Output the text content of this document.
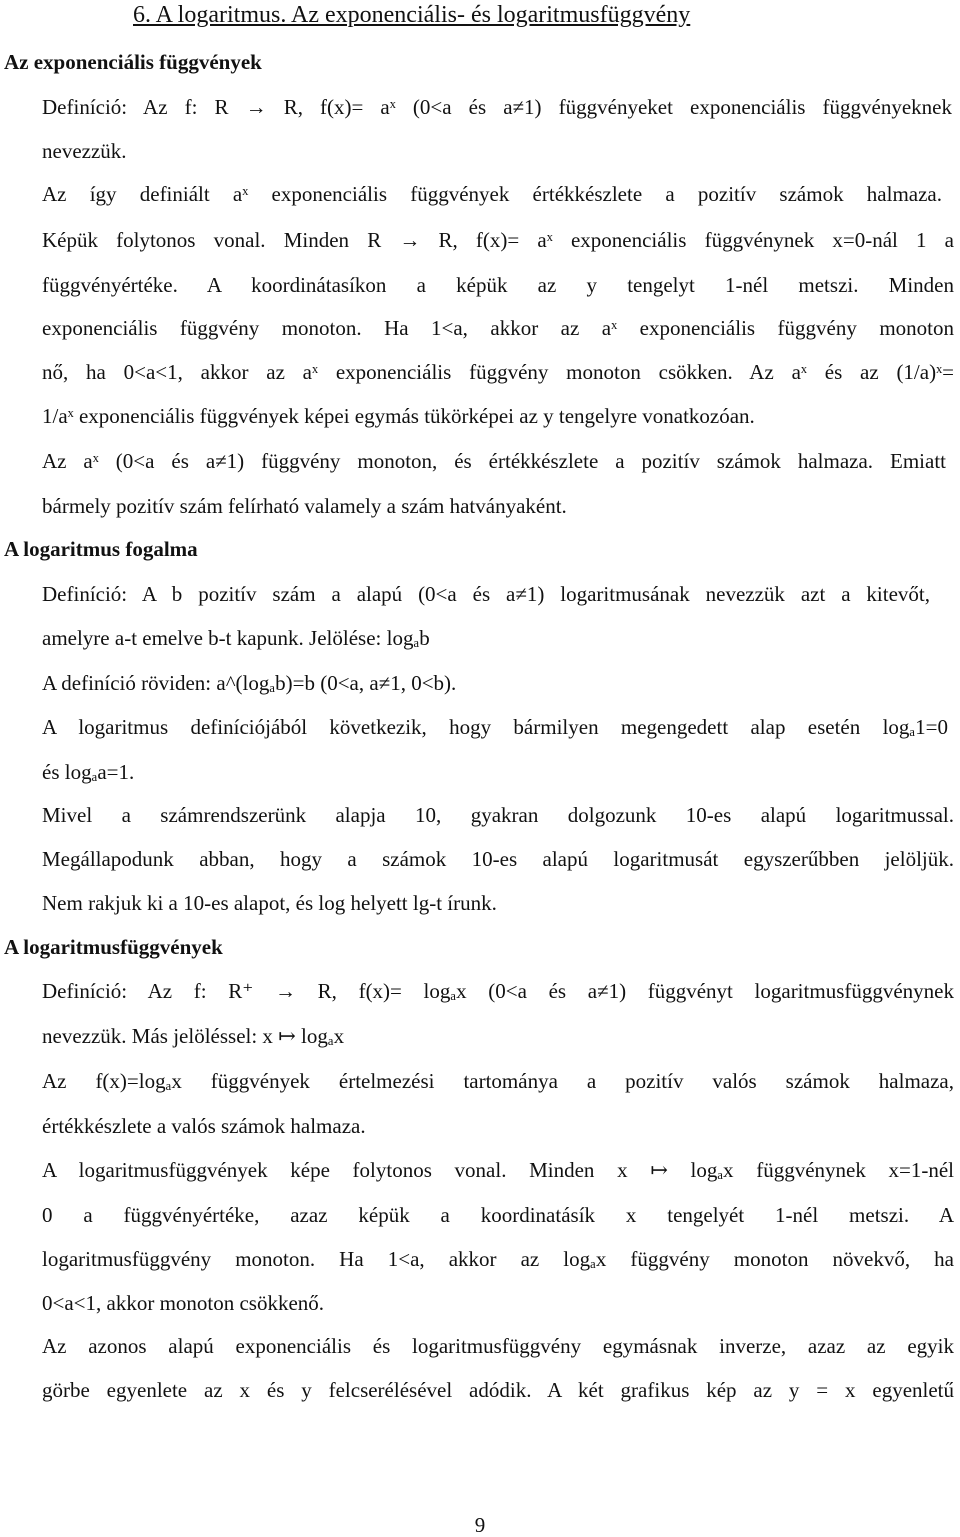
6. A logaritmus. Az exponenciális- és logaritmusfüggvény
Az exponenciális függvények
Definíció: Az f: R → R, f(x)= aˣ (0<a és a≠1) függvényeket exponenciális függvényeknek
nevezzük.
Az így definiált aˣ exponenciális függvények értékkészlete a pozitív számok halmaza.
Képük folytonos vonal. Minden R → R, f(x)= aˣ exponenciális függvénynek x=0-nál 1 a
függvényértéke. A koordinátasíkon a képük az y tengelyt 1-nél metszi. Minden
exponenciális függvény monoton. Ha 1<a, akkor az aˣ exponenciális függvény monoton
nő, ha 0<a<1, akkor az aˣ exponenciális függvény monoton csökken. Az aˣ és az (1/a)ˣ=
1/aˣ exponenciális függvények képei egymás tükörképei az y tengelyre vonatkozóan.
Az aˣ (0<a és a≠1) függvény monoton, és értékkészlete a pozitív számok halmaza. Emiatt
bármely pozitív szám felírható valamely a szám hatványaként.
A logaritmus fogalma
Definíció: A b pozitív szám a alapú (0<a és a≠1) logaritmusának nevezzük azt a kitevőt,
amelyre a-t emelve b-t kapunk. Jelölése: logₐb
A definíció röviden: a^(logₐb)=b (0<a, a≠1, 0<b).
A logaritmus definíciójából következik, hogy bármilyen megengedett alap esetén logₐ1=0
és logₐa=1.
Mivel a számrendszerünk alapja 10, gyakran dolgozunk 10-es alapú logaritmussal.
Megállapodunk abban, hogy a számok 10-es alapú logaritmusát egyszerűbben jelöljük.
Nem rakjuk ki a 10-es alapot, és log helyett lg-t írunk.
A logaritmusfüggvények
Definíció: Az f: R⁺ → R, f(x)= logₐx (0<a és a≠1) függvényt logaritmusfüggvénynek
nevezzük. Más jelöléssel: x ↦ logₐx
Az f(x)=logₐx függvények értelmezési tartománya a pozitív valós számok halmaza,
értékkészlete a valós számok halmaza.
A logaritmusfüggvények képe folytonos vonal. Minden x ↦ logₐx függvénynek x=1-nél
0 a függvényértéke, azaz képük a koordinatásík x tengelyét 1-nél metszi. A
logaritmusfüggvény monoton. Ha 1<a, akkor az logₐx függvény monoton növekvő, ha
0<a<1, akkor monoton csökkenő.
Az azonos alapú exponenciális és logaritmusfüggvény egymásnak inverze, azaz az egyik
görbe egyenlete az x és y felcserélésével adódik. A két grafikus kép az y = x egyenletű
9
